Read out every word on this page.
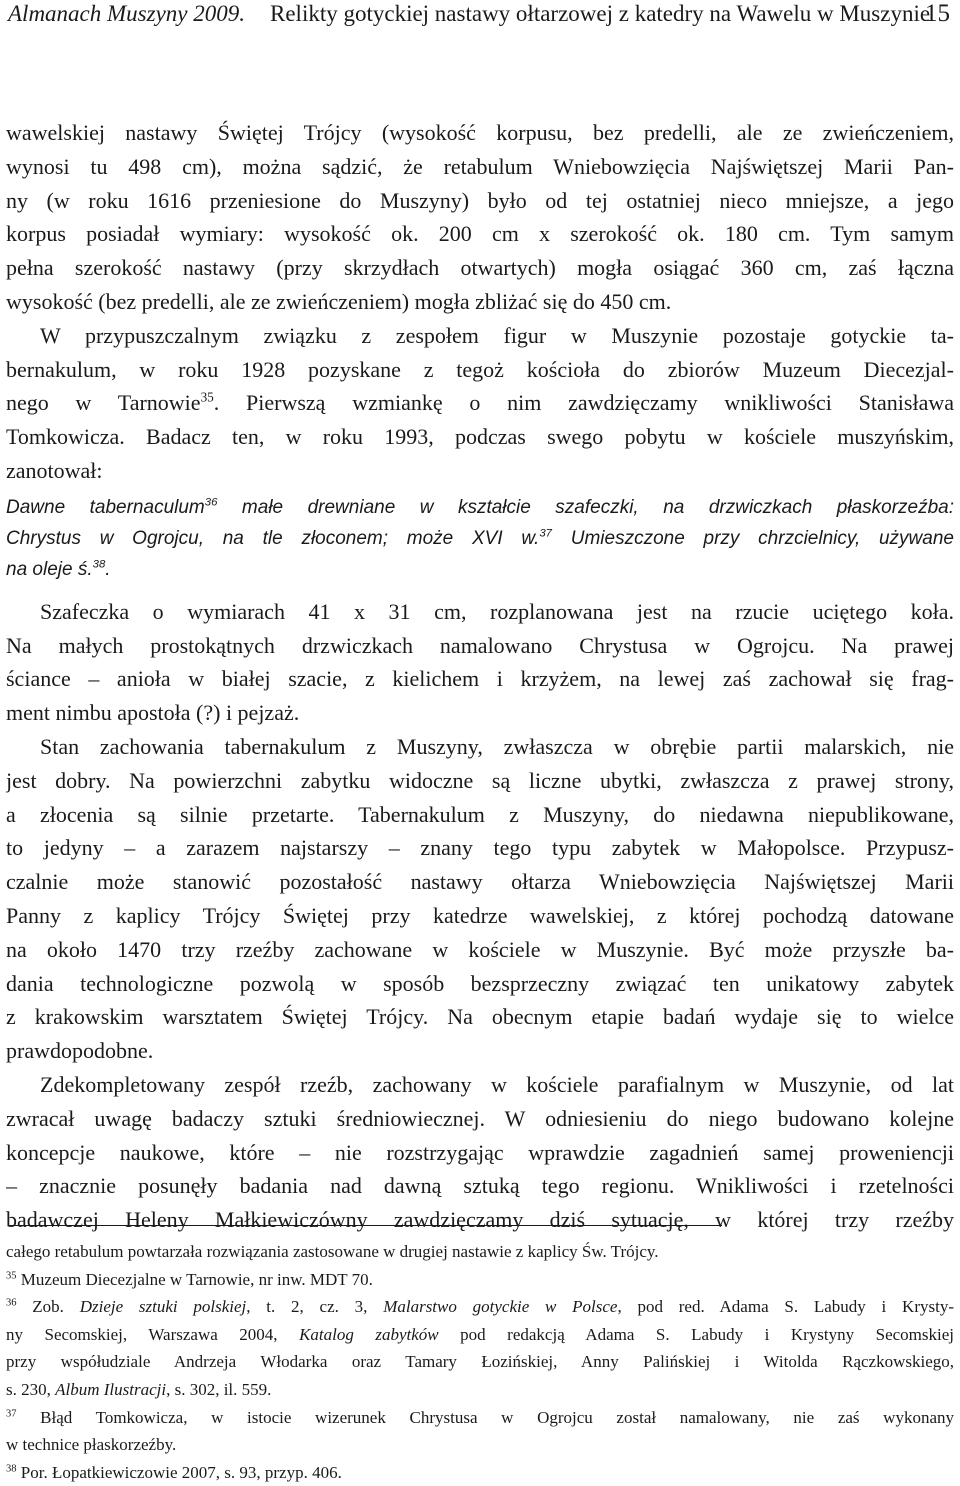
Almanach Muszyny 2009. Relikty gotyckiej nastawy ołtarzowej z katedry na Wawelu w Muszynie
15
wawelskiej nastawy Świętej Trójcy (wysokość korpusu, bez predelli, ale ze zwieńczeniem,
wynosi tu 498 cm), można sądzić, że retabulum Wniebowzięcia Najświętszej Marii Pan-
ny (w roku 1616 przeniesione do Muszyny) było od tej ostatniej nieco mniejsze, a jego
korpus posiadał wymiary: wysokość ok. 200 cm x szerokość ok. 180 cm. Tym samym
pełna szerokość nastawy (przy skrzydłach otwartych) mogła osiągać 360 cm, zaś łączna
wysokość (bez predelli, ale ze zwieńczeniem) mogła zbliżać się do 450 cm.
W przypuszczalnym związku z zespołem figur w Muszynie pozostaje gotyckie ta-
bernakulum, w roku 1928 pozyskane z tegoż kościoła do zbiorów Muzeum Diecezjal-
nego w Tarnowie$^{35}$. Pierwszą wzmiankę o nim zawdzięczamy wnikliwości Stanisława
Tomkowicza. Badacz ten, w roku 1993, podczas swego pobytu w kościele muszyńskim,
zanotował:
Dawne tabernaculum$^{36}$ małe drewniane w kształcie szafeczki, na drzwiczkach płaskorzeźba:
Chrystus w Ogrojcu, na tle złoconem; może XVI w.$^{37}$ Umieszczone przy chrzcielnicy, używane
na oleje ś.$^{38}$.
Szafeczka o wymiarach 41 x 31 cm, rozplanowana jest na rzucie uciętego koła.
Na małych prostokątnych drzwiczkach namalowano Chrystusa w Ogrojcu. Na prawej
ściance – anioła w białej szacie, z kielichem i krzyżem, na lewej zaś zachował się frag-
ment nimbu apostoła (?) i pejzaż.
Stan zachowania tabernakulum z Muszyny, zwłaszcza w obrębie partii malarskich, nie
jest dobry. Na powierzchni zabytku widoczne są liczne ubytki, zwłaszcza z prawej strony,
a złocenia są silnie przetarte. Tabernakulum z Muszyny, do niedawna niepublikowane,
to jedyny – a zarazem najstarszy – znany tego typu zabytek w Małopolsce. Przypusz-
czalnie może stanowić pozostałość nastawy ołtarza Wniebowzięcia Najświętszej Marii
Panny z kaplicy Trójcy Świętej przy katedrze wawelskiej, z której pochodzą datowane
na około 1470 trzy rzeźby zachowane w kościele w Muszynie. Być może przyszłe ba-
dania technologiczne pozwolą w sposób bezsprzeczny związać ten unikatowy zabytek
z krakowskim warsztatem Świętej Trójcy. Na obecnym etapie badań wydaje się to wielce
prawdopodobne.
Zdekompletowany zespół rzeźb, zachowany w kościele parafialnym w Muszynie, od lat
zwracał uwagę badaczy sztuki średniowiecznej. W odniesieniu do niego budowano kolejne
koncepcje naukowe, które – nie rozstrzygając wprawdzie zagadnień samej proweniencji
– znacznie posunęły badania nad dawną sztuką tego regionu. Wnikliwości i rzetelności
badawczej Heleny Małkiewiczówny zawdzięczamy dziś sytuację, w której trzy rzeźby
całego retabulum powtarzała rozwiązania zastosowane w drugiej nastawie z kaplicy Św. Trójcy.
$^{35}$ Muzeum Diecezjalne w Tarnowie, nr inw. MDT 70.
$^{36}$ Zob. Dzieje sztuki polskiej, t. 2, cz. 3, Malarstwo gotyckie w Polsce, pod red. Adama S. Labudy i Krysty-
ny Secomskiej, Warszawa 2004, Katalog zabytków pod redakcją Adama S. Labudy i Krystyny Secomskiej
przy współudziale Andrzeja Włodarka oraz Tamary Łozińskiej, Anny Palińskiej i Witolda Rączkowskiego,
s. 230, Album Ilustracji, s. 302, il. 559.
$^{37}$ Błąd Tomkowicza, w istocie wizerunek Chrystusa w Ogrojcu został namalowany, nie zaś wykonany
w technice płaskorzeźby.
$^{38}$ Por. Łopatkiewiczowie 2007, s. 93, przyp. 406.
